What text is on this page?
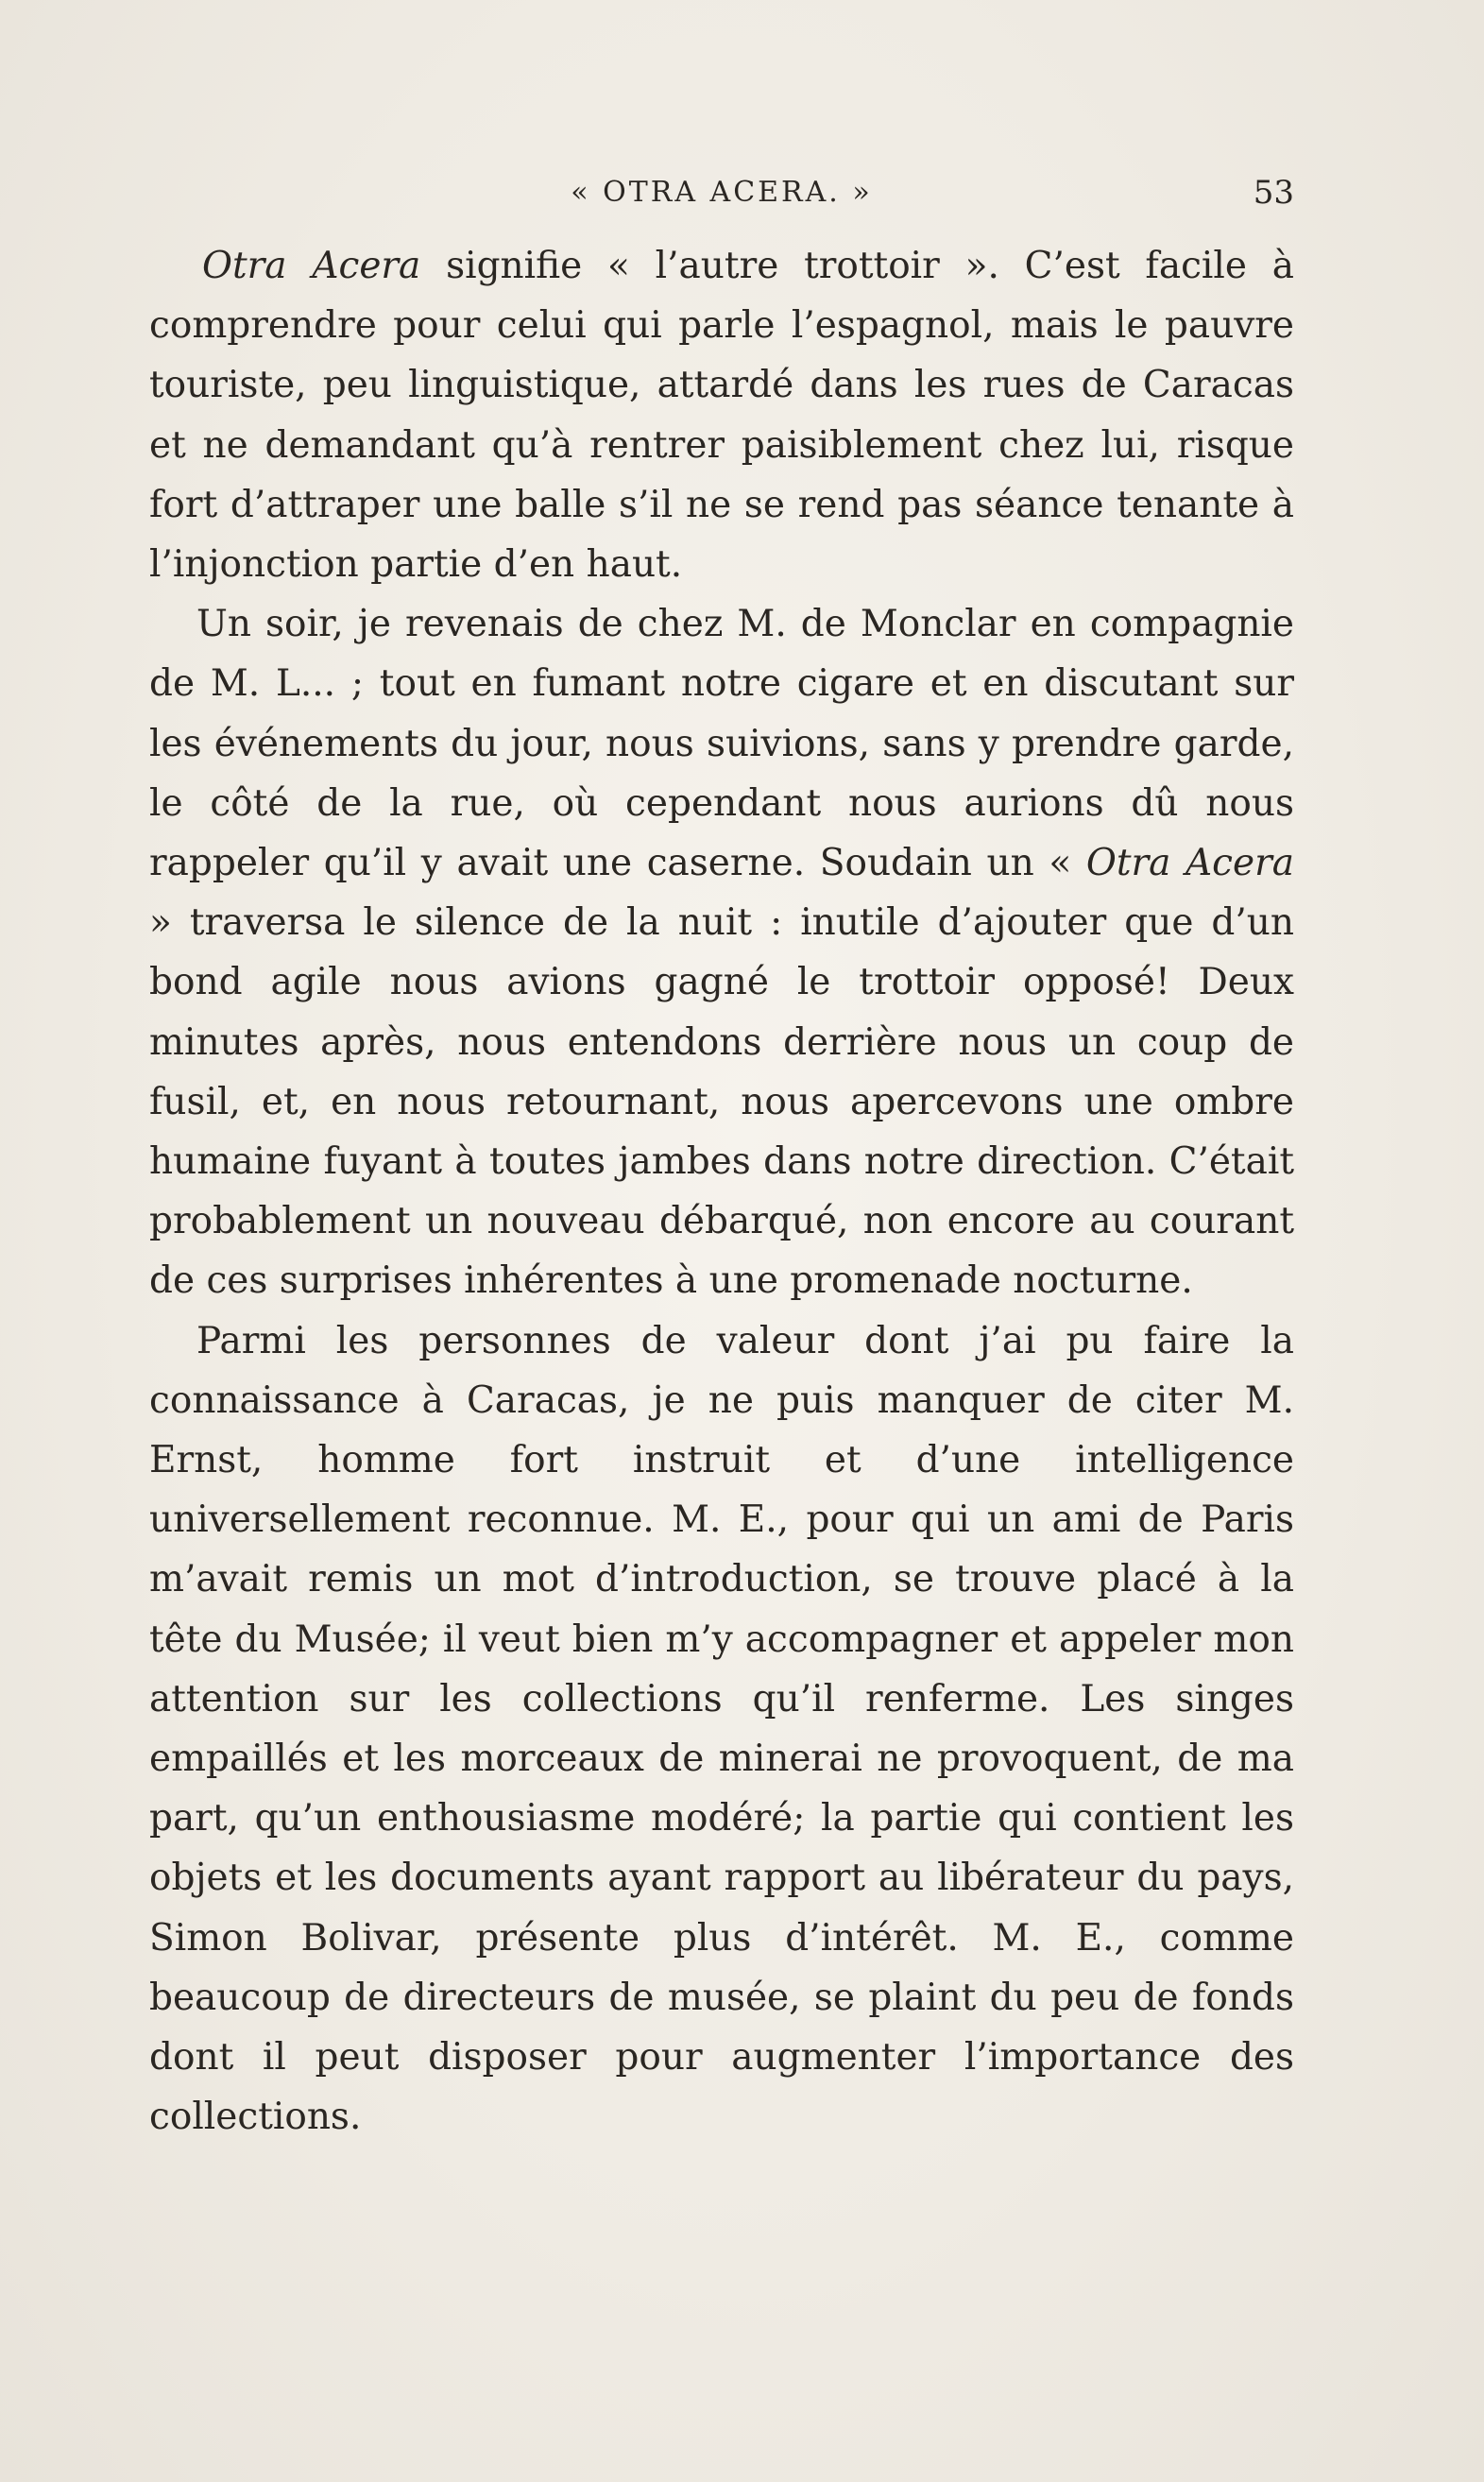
« OTRA ACERA. »	53

Otra Acera signifie « l’autre trottoir ». C’est facile à comprendre pour celui qui parle l’espagnol, mais le pauvre touriste, peu linguistique, attardé dans les rues de Caracas et ne demandant qu’à rentrer paisiblement chez lui, risque fort d’attraper une balle s’il ne se rend pas séance tenante à l’injonction partie d’en haut.

Un soir, je revenais de chez M. de Monclar en compagnie de M. L... ; tout en fumant notre cigare et en discutant sur les événements du jour, nous suivions, sans y prendre garde, le côté de la rue, où cependant nous aurions dû nous rappeler qu’il y avait une caserne. Soudain un « Otra Acera » traversa le silence de la nuit : inutile d’ajouter que d’un bond agile nous avions gagné le trottoir opposé! Deux minutes après, nous entendons derrière nous un coup de fusil, et, en nous retournant, nous apercevons une ombre humaine fuyant à toutes jambes dans notre direction. C’était probablement un nouveau débarqué, non encore au courant de ces surprises inhérentes à une promenade nocturne.

Parmi les personnes de valeur dont j’ai pu faire la connaissance à Caracas, je ne puis manquer de citer M. Ernst, homme fort instruit et d’une intelligence universellement reconnue. M. E., pour qui un ami de Paris m’avait remis un mot d’introduction, se trouve placé à la tête du Musée; il veut bien m’y accompagner et appeler mon attention sur les collections qu’il renferme. Les singes empaillés et les morceaux de minerai ne provoquent, de ma part, qu’un enthousiasme modéré; la partie qui contient les objets et les documents ayant rapport au libérateur du pays, Simon Bolivar, présente plus d’intérêt. M. E., comme beaucoup de directeurs de musée, se plaint du peu de fonds dont il peut disposer pour augmenter l’importance des collections.
